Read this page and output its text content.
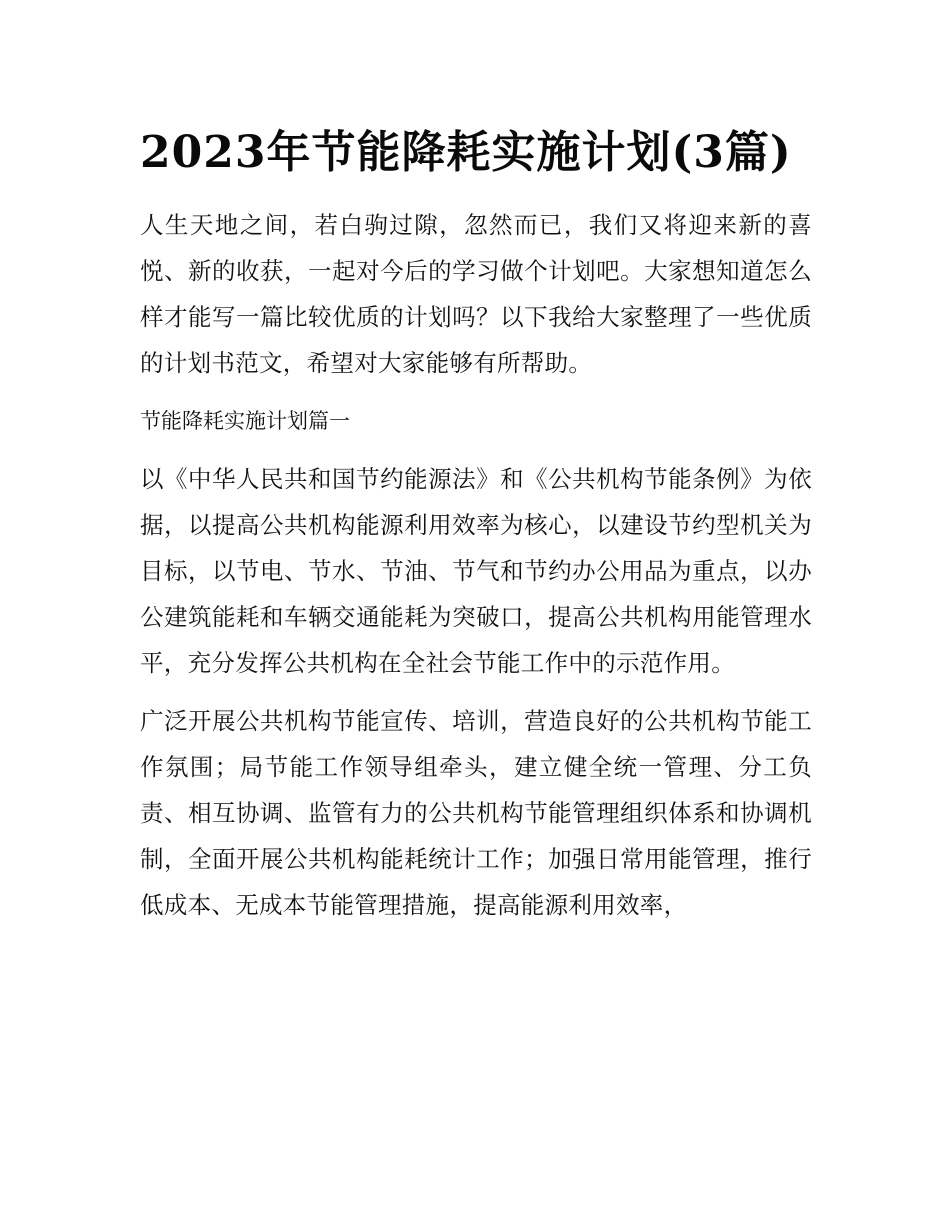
2023年节能降耗实施计划(3篇)

人生天地之间，若白驹过隙，忽然而已，我们又将迎来新的喜悦、新的收获，一起对今后的学习做个计划吧。大家想知道怎么样才能写一篇比较优质的计划吗？以下我给大家整理了一些优质的计划书范文，希望对大家能够有所帮助。

节能降耗实施计划篇一

以《中华人民共和国节约能源法》和《公共机构节能条例》为依据，以提高公共机构能源利用效率为核心，以建设节约型机关为目标，以节电、节水、节油、节气和节约办公用品为重点，以办公建筑能耗和车辆交通能耗为突破口，提高公共机构用能管理水平，充分发挥公共机构在全社会节能工作中的示范作用。

广泛开展公共机构节能宣传、培训，营造良好的公共机构节能工作氛围；局节能工作领导组牵头，建立健全统一管理、分工负责、相互协调、监管有力的公共机构节能管理组织体系和协调机制，全面开展公共机构能耗统计工作；加强日常用能管理，推行低成本、无成本节能管理措施，提高能源利用效率，
